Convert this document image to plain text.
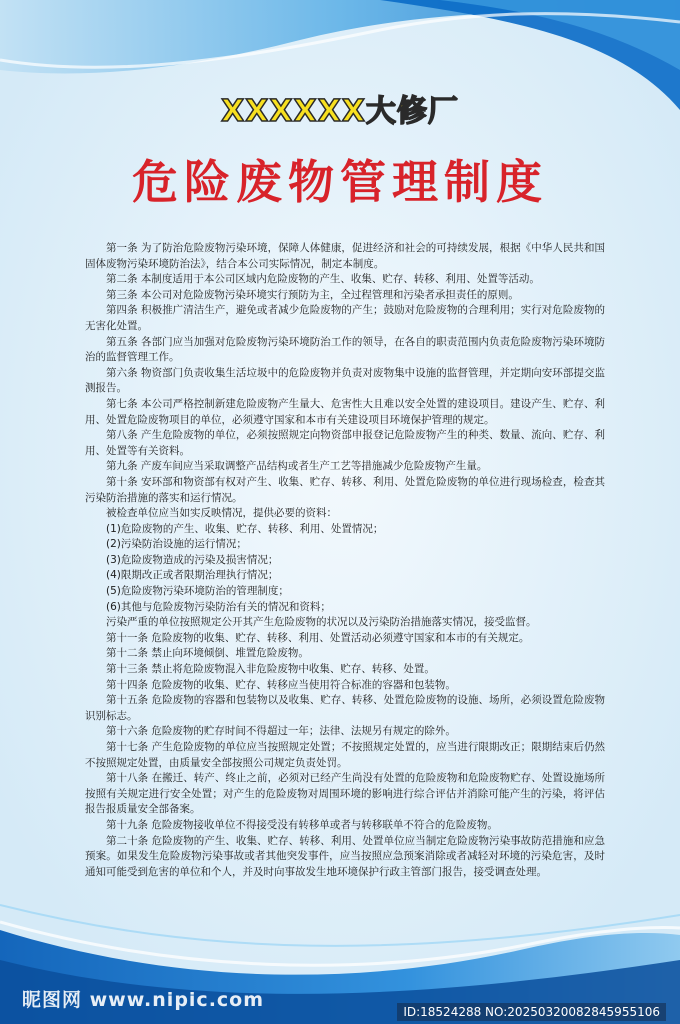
XXXXXX大修厂
危险废物管理制度

第一条 为了防治危险废物污染环境，保障人体健康，促进经济和社会的可持续发展，根据《中华人民共和国固体废物污染环境防治法》，结合本公司实际情况，制定本制度。

第二条 本制度适用于本公司区域内危险废物的产生、收集、贮存、转移、利用、处置等活动。

第三条 本公司对危险废物污染环境实行预防为主，全过程管理和污染者承担责任的原则。

第四条 积极推广清洁生产，避免或者减少危险废物的产生；鼓励对危险废物的合理利用；实行对危险废物的无害化处置。

第五条 各部门应当加强对危险废物污染环境防治工作的领导，在各自的职责范围内负责危险废物污染环境防治的监督管理工作。

第六条 物资部门负责收集生活垃圾中的危险废物并负责对废物集中设施的监督管理，并定期向安环部提交监测报告。

第七条 本公司严格控制新建危险废物产生量大、危害性大且难以安全处置的建设项目。建设产生、贮存、利用、处置危险废物项目的单位，必须遵守国家和本市有关建设项目环境保护管理的规定。

第八条 产生危险废物的单位，必须按照规定向物资部申报登记危险废物产生的种类、数量、流向、贮存、利用、处置等有关资料。

第九条 产废车间应当采取调整产品结构或者生产工艺等措施减少危险废物产生量。

第十条 安环部和物资部有权对产生、收集、贮存、转移、利用、处置危险废物的单位进行现场检查，检查其污染防治措施的落实和运行情况。

被检查单位应当如实反映情况，提供必要的资料：

(1)危险废物的产生、收集、贮存、转移、利用、处置情况；

(2)污染防治设施的运行情况；

(3)危险废物造成的污染及损害情况；

(4)限期改正或者限期治理执行情况；

(5)危险废物污染环境防治的管理制度；

(6)其他与危险废物污染防治有关的情况和资料；

污染严重的单位按照规定公开其产生危险废物的状况以及污染防治措施落实情况，接受监督。

第十一条 危险废物的收集、贮存、转移、利用、处置活动必须遵守国家和本市的有关规定。

第十二条 禁止向环境倾倒、堆置危险废物。

第十三条 禁止将危险废物混入非危险废物中收集、贮存、转移、处置。

第十四条 危险废物的收集、贮存、转移应当使用符合标准的容器和包装物。

第十五条 危险废物的容器和包装物以及收集、贮存、转移、处置危险废物的设施、场所，必须设置危险废物识别标志。

第十六条 危险废物的贮存时间不得超过一年；法律、法规另有规定的除外。

第十七条 产生危险废物的单位应当按照规定处置；不按照规定处置的，应当进行限期改正；限期结束后仍然不按照规定处置，由质量安全部按照公司规定负责处罚。

第十八条 在搬迁、转产、终止之前，必须对已经产生尚没有处置的危险废物和危险废物贮存、处置设施场所按照有关规定进行安全处置；对产生的危险废物对周围环境的影响进行综合评估并消除可能产生的污染，将评估报告报质量安全部备案。

第十九条 危险废物接收单位不得接受没有转移单或者与转移联单不符合的危险废物。

第二十条 危险废物的产生、收集、贮存、转移、利用、处置单位应当制定危险废物污染事故防范措施和应急预案。如果发生危险废物污染事故或者其他突发事件，应当按照应急预案消除或者减轻对环境的污染危害，及时通知可能受到危害的单位和个人，并及时向事故发生地环境保护行政主管部门报告，接受调查处理。

昵图网 www.nipic.com
ID:18524288 NO:20250320082845955106
